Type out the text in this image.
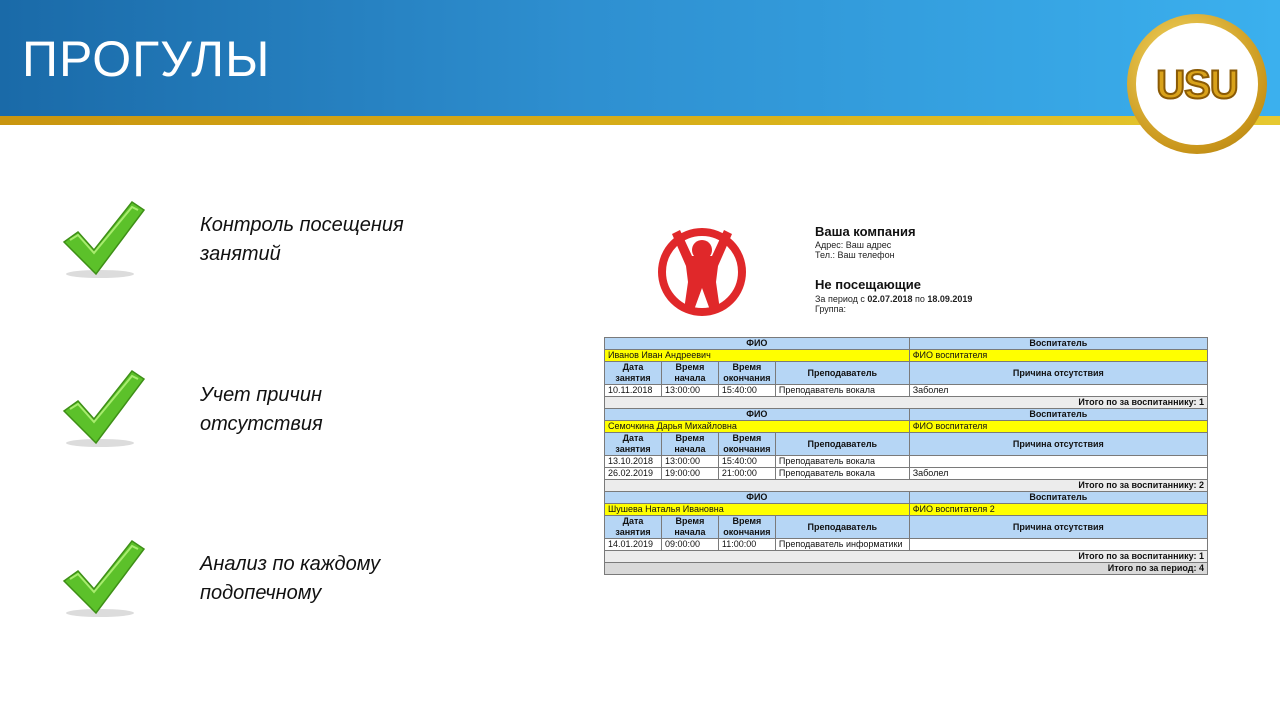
ПРОГУЛЫ	USU
Контроль посещения
занятий
Учет причин
отсутствия
Анализ по каждому
подопечному
Ваша компания
Адрес: Ваш адрес
Тел.: Ваш телефон
Не посещающие
За период с 02.07.2018 по 18.09.2019
Группа:
ФИО				Воспитатель
Иванов Иван Андреевич				ФИО воспитателя
Дата занятия	Время начала	Время окончания	Преподаватель	Причина отсутствия
10.11.2018	13:00:00	15:40:00	Преподаватель вокала	Заболел
Итого по за воспитаннику: 1				
ФИО				Воспитатель
Семочкина Дарья Михайловна				ФИО воспитателя
Дата занятия	Время начала	Время окончания	Преподаватель	Причина отсутствия
13.10.2018	13:00:00	15:40:00	Преподаватель вокала	
26.02.2019	19:00:00	21:00:00	Преподаватель вокала	Заболел
Итого по за воспитаннику: 2				
ФИО				Воспитатель
Шушева Наталья Ивановна				ФИО воспитателя 2
Дата занятия	Время начала	Время окончания	Преподаватель	Причина отсутствия
14.01.2019	09:00:00	11:00:00	Преподаватель информатики	
Итого по за воспитаннику: 1				
Итого по за период: 4				
